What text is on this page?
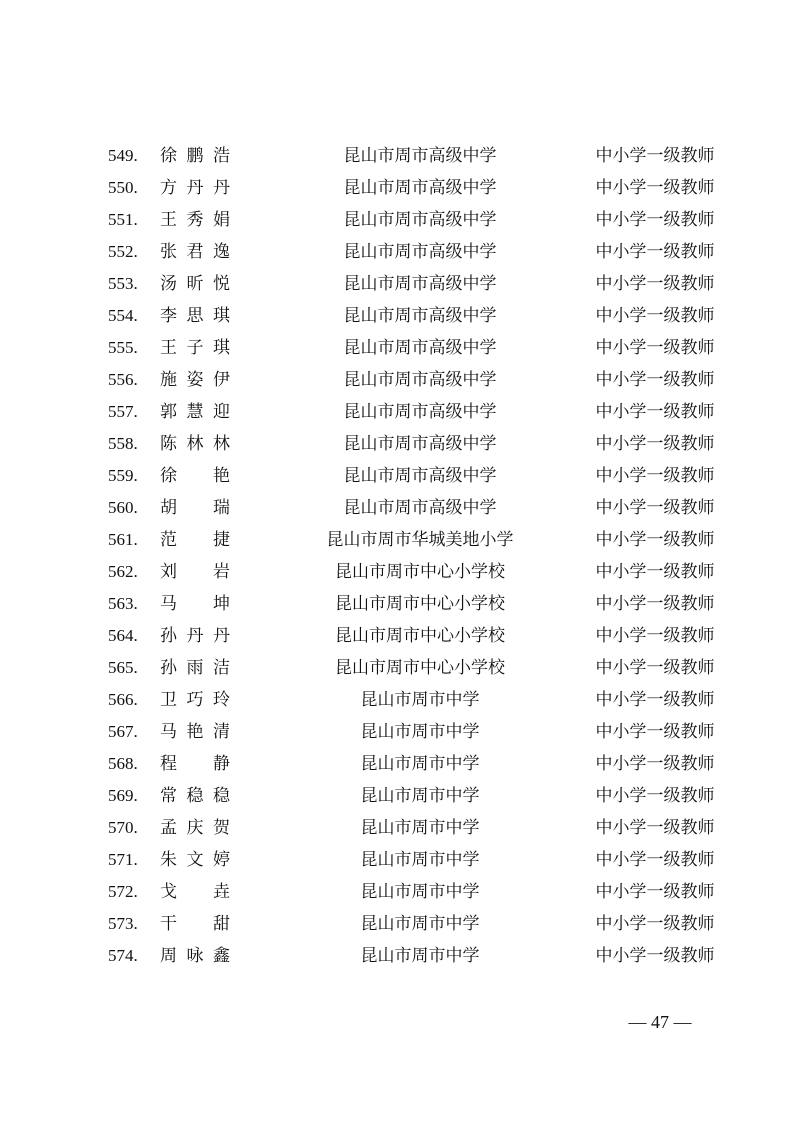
549.	徐 鹏 浩	昆山市周市高级中学	中小学一级教师
550.	方 丹 丹	昆山市周市高级中学	中小学一级教师
551.	王 秀 娟	昆山市周市高级中学	中小学一级教师
552.	张 君 逸	昆山市周市高级中学	中小学一级教师
553.	汤 昕 悦	昆山市周市高级中学	中小学一级教师
554.	李 思 琪	昆山市周市高级中学	中小学一级教师
555.	王 子 琪	昆山市周市高级中学	中小学一级教师
556.	施 姿 伊	昆山市周市高级中学	中小学一级教师
557.	郭 慧 迎	昆山市周市高级中学	中小学一级教师
558.	陈 林 林	昆山市周市高级中学	中小学一级教师
559.	徐 艳	昆山市周市高级中学	中小学一级教师
560.	胡 瑞	昆山市周市高级中学	中小学一级教师
561.	范 捷	昆山市周市华城美地小学	中小学一级教师
562.	刘 岩	昆山市周市中心小学校	中小学一级教师
563.	马 坤	昆山市周市中心小学校	中小学一级教师
564.	孙 丹 丹	昆山市周市中心小学校	中小学一级教师
565.	孙 雨 洁	昆山市周市中心小学校	中小学一级教师
566.	卫 巧 玲	昆山市周市中学	中小学一级教师
567.	马 艳 清	昆山市周市中学	中小学一级教师
568.	程 静	昆山市周市中学	中小学一级教师
569.	常 稳 稳	昆山市周市中学	中小学一级教师
570.	孟 庆 贺	昆山市周市中学	中小学一级教师
571.	朱 文 婷	昆山市周市中学	中小学一级教师
572.	戈 垚	昆山市周市中学	中小学一级教师
573.	干 甜	昆山市周市中学	中小学一级教师
574.	周 咏 鑫	昆山市周市中学	中小学一级教师
— 47 —
